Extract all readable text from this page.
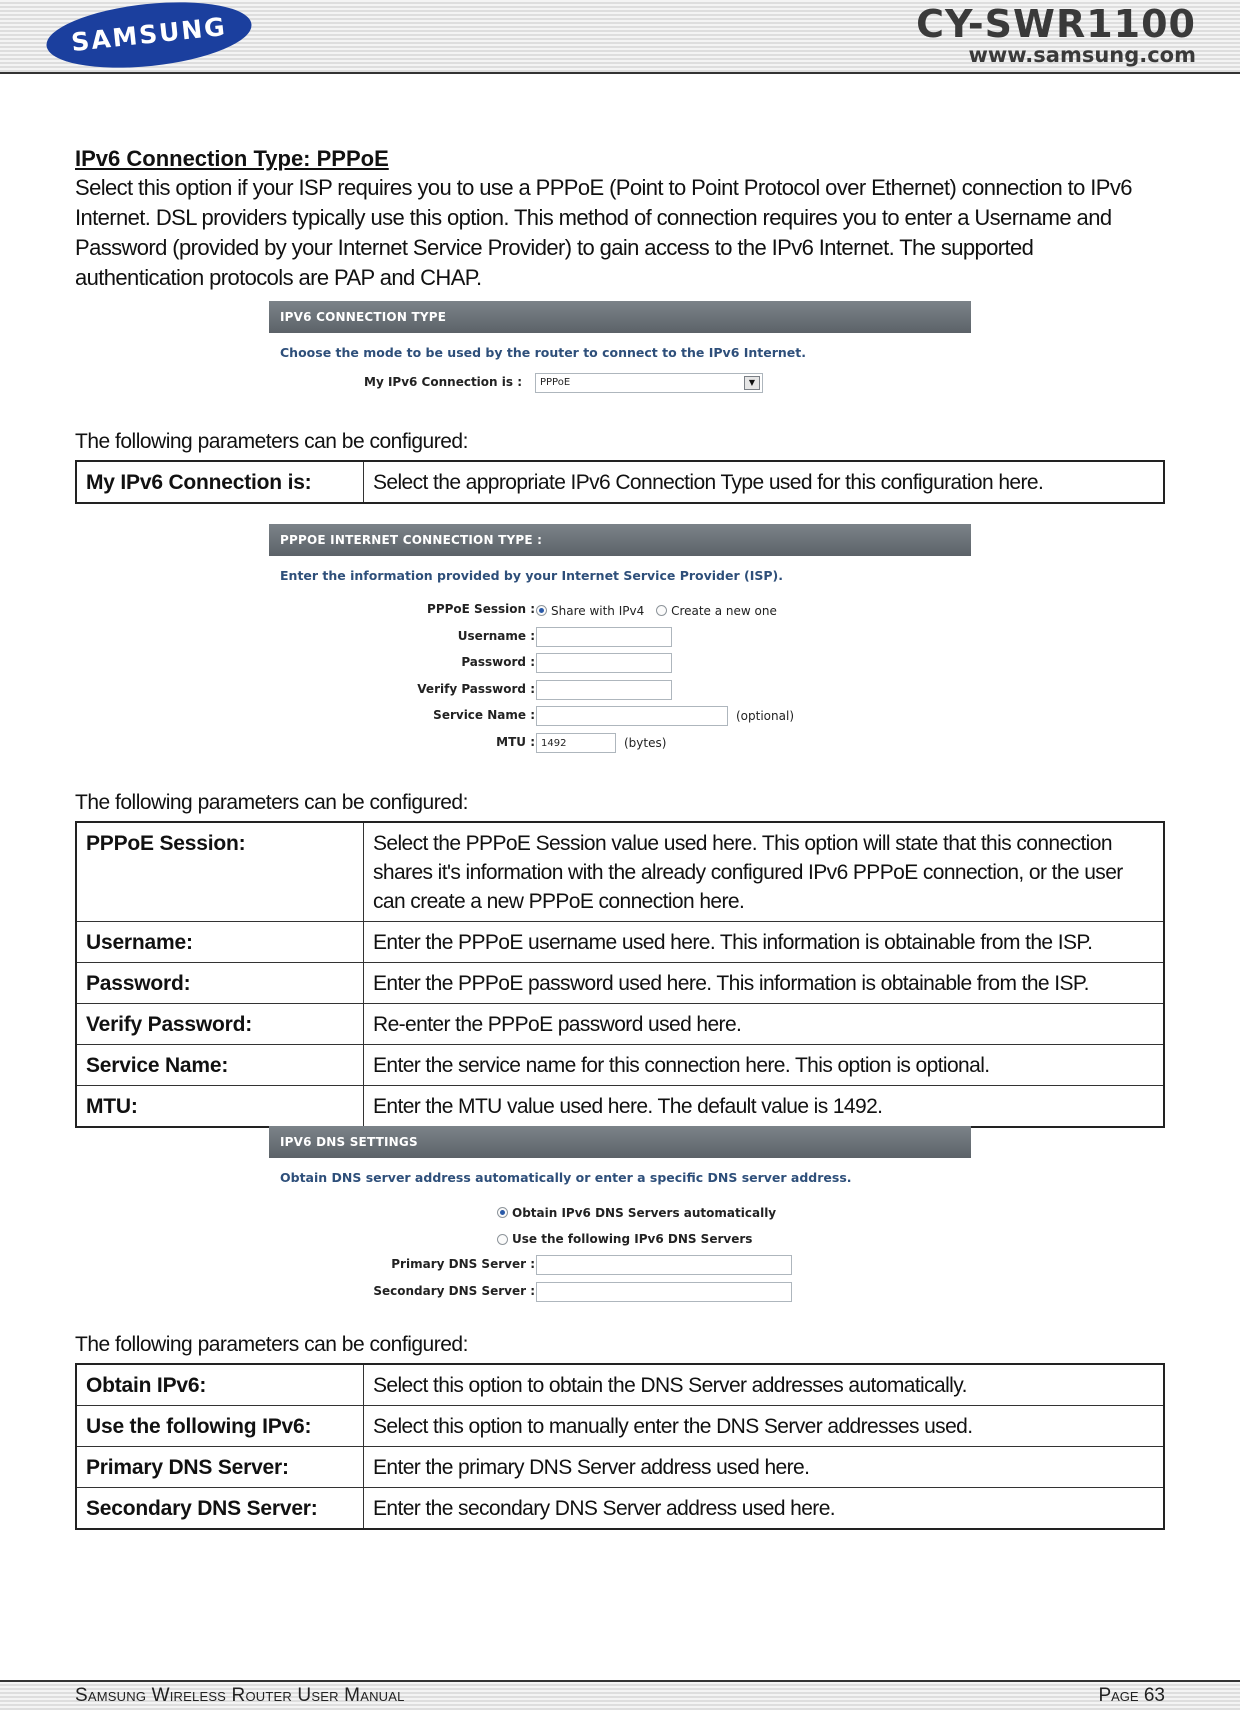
SAMSUNG	CY-SWR1100
www.samsung.com
IPv6 Connection Type: PPPoE
Select this option if your ISP requires you to use a PPPoE (Point to Point Protocol over Ethernet) connection to IPv6 Internet. DSL providers typically use this option. This method of connection requires you to enter a Username and Password (provided by your Internet Service Provider) to gain access to the IPv6 Internet. The supported authentication protocols are PAP and CHAP.
IPV6 CONNECTION TYPE
Choose the mode to be used by the router to connect to the IPv6 Internet.
My IPv6 Connection is :	PPPoE	▼

The following parameters can be configured:

My IPv6 Connection is:	Select the appropriate IPv6 Connection Type used for this configuration here.
PPPOE INTERNET CONNECTION TYPE :
Enter the information provided by your Internet Service Provider (ISP).
PPPoE Session :	Share with IPv4 Create a new one
Username :
Password :
Verify Password :
Service Name :	(optional)
MTU : 1492	(bytes)

The following parameters can be configured:

PPPoE Session:	Select the PPPoE Session value used here. This option will state that this connection shares it's information with the already configured IPv6 PPPoE connection, or the user can create a new PPPoE connection here.
Username:	Enter the PPPoE username used here. This information is obtainable from the ISP.
Password:	Enter the PPPoE password used here. This information is obtainable from the ISP.
Verify Password:	Re-enter the PPPoE password used here.
Service Name:	Enter the service name for this connection here. This option is optional.
MTU:	Enter the MTU value used here. The default value is 1492.
IPV6 DNS SETTINGS
Obtain DNS server address automatically or enter a specific DNS server address.
Obtain IPv6 DNS Servers automatically
Use the following IPv6 DNS Servers
Primary DNS Server :
Secondary DNS Server :

The following parameters can be configured:

Obtain IPv6:	Select this option to obtain the DNS Server addresses automatically.
Use the following IPv6:	Select this option to manually enter the DNS Server addresses used.
Primary DNS Server:	Enter the primary DNS Server address used here.
Secondary DNS Server:	Enter the secondary DNS Server address used here.
Samsung Wireless Router User Manual	Page 63
